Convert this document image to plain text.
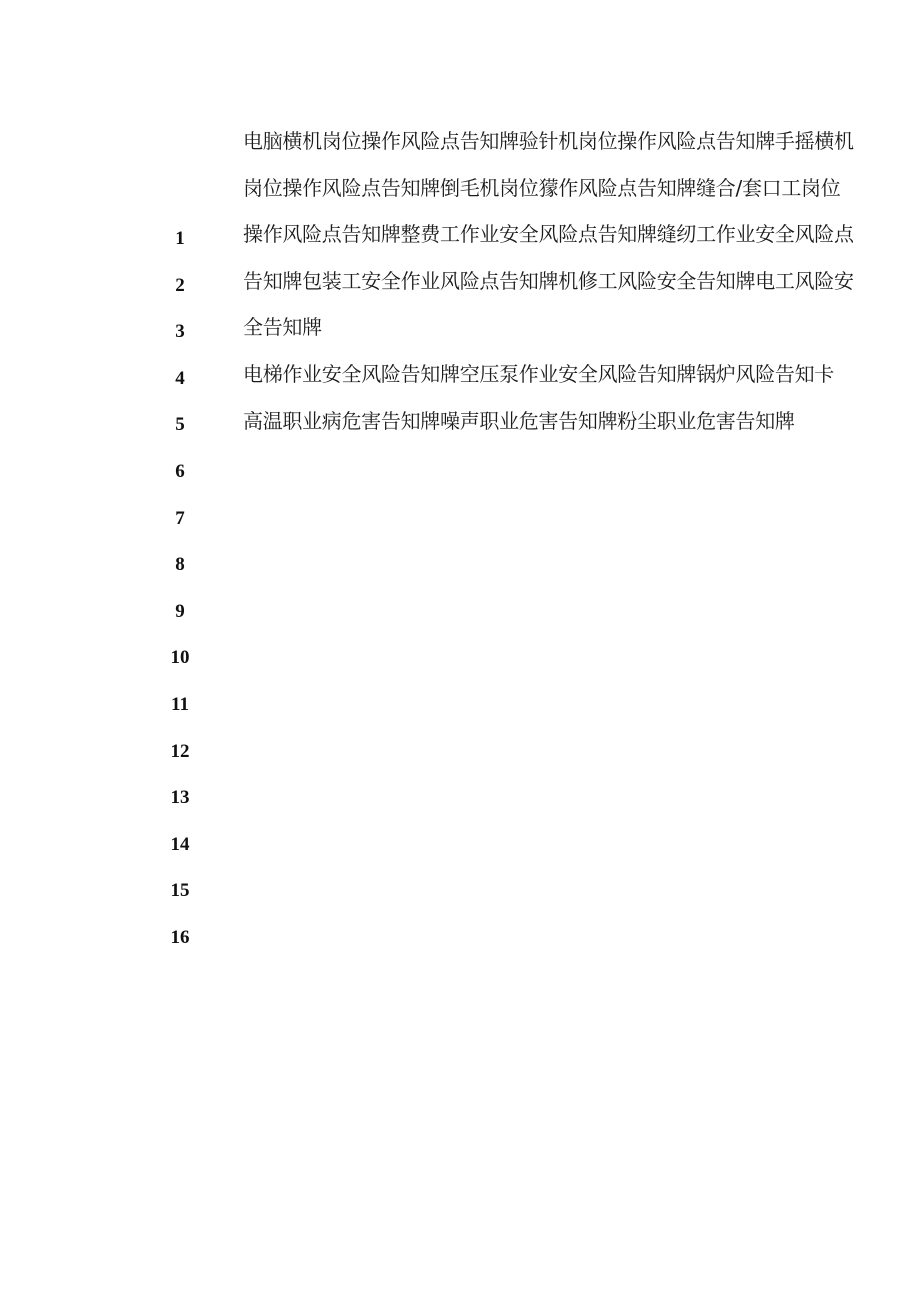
1
2
3
4
5
6
7
8
9
10
11
12
13
14
15
16

电脑横机岗位操作风险点告知牌验针机岗位操作风险点告知牌手摇横机岗位操作风险点告知牌倒毛机岗位獴作风险点告知牌缝合/套口工岗位操作风险点告知牌整费工作业安全风险点告知牌缝纫工作业安全风险点告知牌包装工安全作业风险点告知牌机修工风险安全告知牌电工风险安全告知牌

电梯作业安全风险告知牌空压泵作业安全风险告知牌锅炉风险告知卡

高温职业病危害告知牌噪声职业危害告知牌粉尘职业危害告知牌
